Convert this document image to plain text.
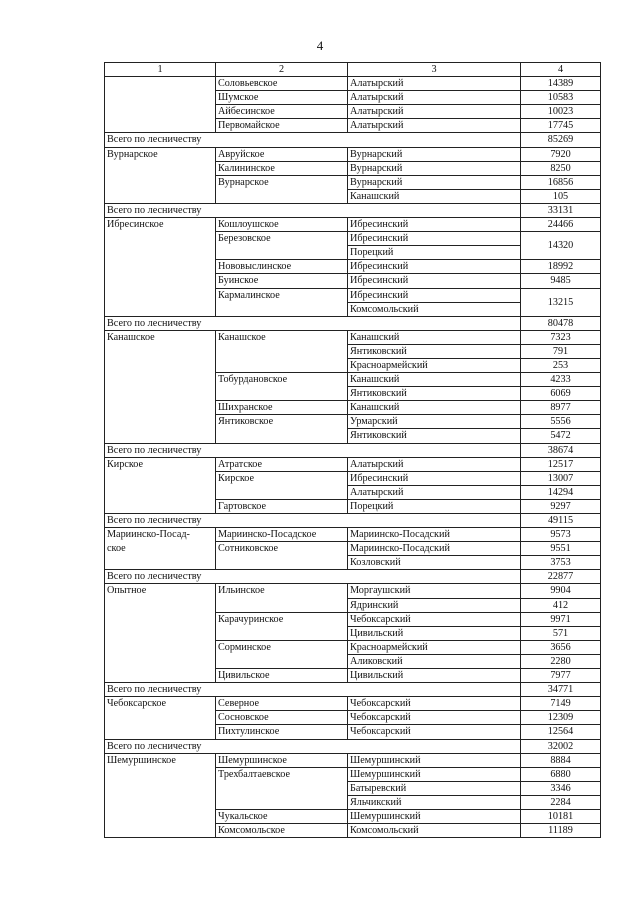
4
1	2	3	4
	Соловьевское	Алатырский	14389
	Шумское	Алатырский	10583
	Айбесинское	Алатырский	10023
	Первомайское	Алатырский	17745
Всего по лесничеству			85269
Вурнарское	Авруйское	Вурнарский	7920
	Калининское	Вурнарский	8250
	Вурнарское	Вурнарский	16856
		Канашский	105
Всего по лесничеству			33131
Ибресинское	Кошлоушское	Ибресинский	24466
	Березовское	Ибресинский	14320
		Порецкий	
	Нововыслинское	Ибресинский	18992
	Буинское	Ибресинский	9485
	Кармалинское	Ибресинский	13215
		Комсомольский	
Всего по лесничеству			80478
Канашское	Канашское	Канашский	7323
		Янтиковский	791
		Красноармейский	253
	Тобурдановское	Канашский	4233
		Янтиковский	6069
	Шихранское	Канашский	8977
	Янтиковское	Урмарский	5556
		Янтиковский	5472
Всего по лесничеству			38674
Кирское	Атратское	Алатырский	12517
	Кирское	Ибресинский	13007
		Алатырский	14294
	Гартовское	Порецкий	9297
Всего по лесничеству			49115
Мариинско-Посад-	Мариинско-Посадское	Мариинско-Посадский	9573
ское	Сотниковское	Мариинско-Посадский	9551
		Козловский	3753
Всего по лесничеству			22877
Опытное	Ильинское	Моргаушский	9904
		Ядринский	412
	Карачуринское	Чебоксарский	9971
		Цивильский	571
	Сорминское	Красноармейский	3656
		Аликовский	2280
	Цивильское	Цивильский	7977
Всего по лесничеству			34771
Чебоксарское	Северное	Чебоксарский	7149
	Сосновское	Чебоксарский	12309
	Пихтулинское	Чебоксарский	12564
Всего по лесничеству			32002
Шемуршинское	Шемуршинское	Шемуршинский	8884
	Трехбалтаевское	Шемуршинский	6880
		Батыревский	3346
		Яльчикский	2284
	Чукальское	Шемуршинский	10181
	Комсомольское	Комсомольский	11189
